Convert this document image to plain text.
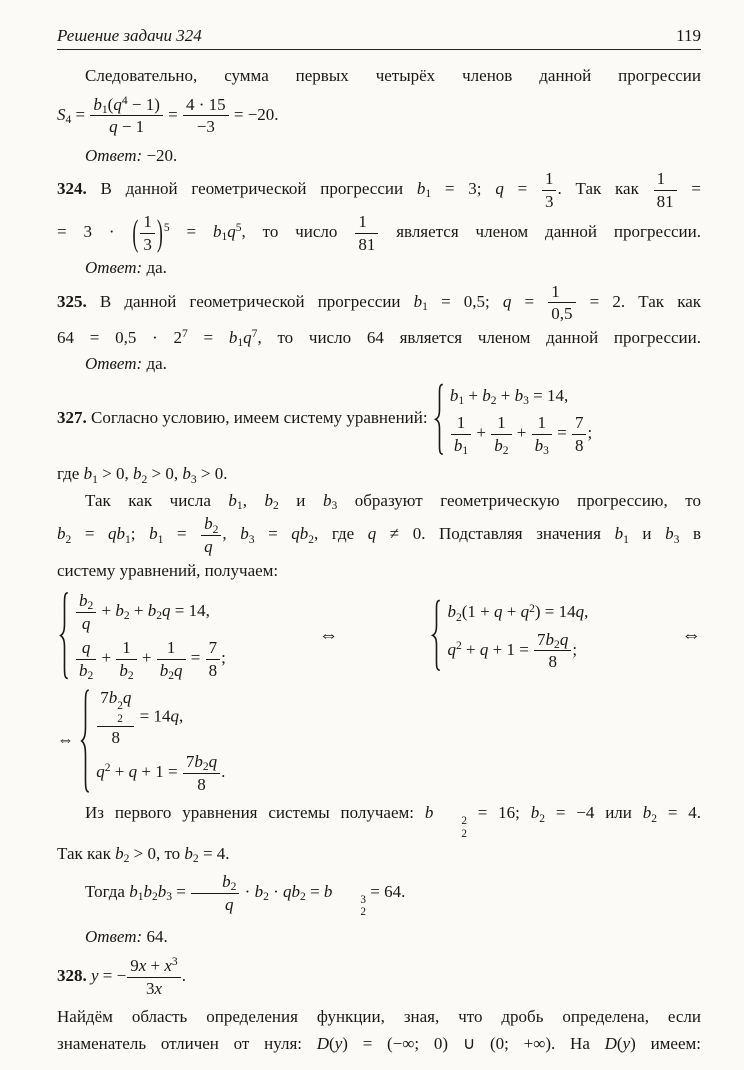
Решение задачи 324	119
Следовательно, сумма первых четырёх членов данной прогрессии
$S4 = \frac{b1(q^4 - 1)}{q - 1} = \frac{4 \cdot 15}{-3} = -20$.
Ответ: −20.
324. В данной геометрической прогрессии b1 = 3; $q = \frac{1}{3}$ . Так как $\frac{1}{81}$ =
= 3 · ( $\frac{1}{3} )^5 = b1q^5$, то число $\frac{1}{81}$ является членом данной прогрессии.
Ответ: да.
325. В данной геометрической прогрессии b1 = 0,5; $q = \frac{1}{0,5} = 2$. Так как
$64 = 0,5 \cdot 2^7 = b1q^7$, то число 64 является членом данной прогрессии.
Ответ: да.
327. Согласно условию, имеем систему уравнений:
b1 + b2 + b3 = 14,
$\frac{1}{b1} + \frac{1}{b2} + \frac{1}{b3} = \frac{7}{8}$ ;
где b1 > 0, b2 > 0, b3 > 0.
Так как числа b1, b2 и b3 образуют геометрическую прогрессию, то
b2 = qb1; $b1 = \frac{b2}{q}$ , b3 = qb2, где q ≠ 0. Подставляя значения b1 и b3 в
систему уравнений, получаем:
$\frac{b2}{q} + b2 + b2q = 14$,
$\frac{q}{b2} + \frac{1}{b2} + \frac{1}{b2q} = \frac{7}{8}$ ;
⇔
$b2(1 + q + q^2) = 14q$,
$q^2 + q + 1 = \frac{7b2q}{8}$ ;
⇔
⇔ 7b 2
2
q
8 = 14q,
$q^2 + q + 1 = \frac{7b2q}{8}$ .
Из первого уравнения системы получаем: b	2
2
= 16; b2 = −4 или b2 = 4.
Так как b2 > 0, то b2 = 4.
Тогда $b1b2b3 = \frac{b2}{q} \cdot b2 \cdot qb2 = b$	3
2
= 64.
Ответ: 64.
328. y = − $\frac{9x + x^3}{3x}$ .
Найдём область определения функции, зная, что дробь определена, если
знаменатель отличен от нуля: D(y) = (−∞; 0) ∪ (0; +∞). На D(y) имеем:
